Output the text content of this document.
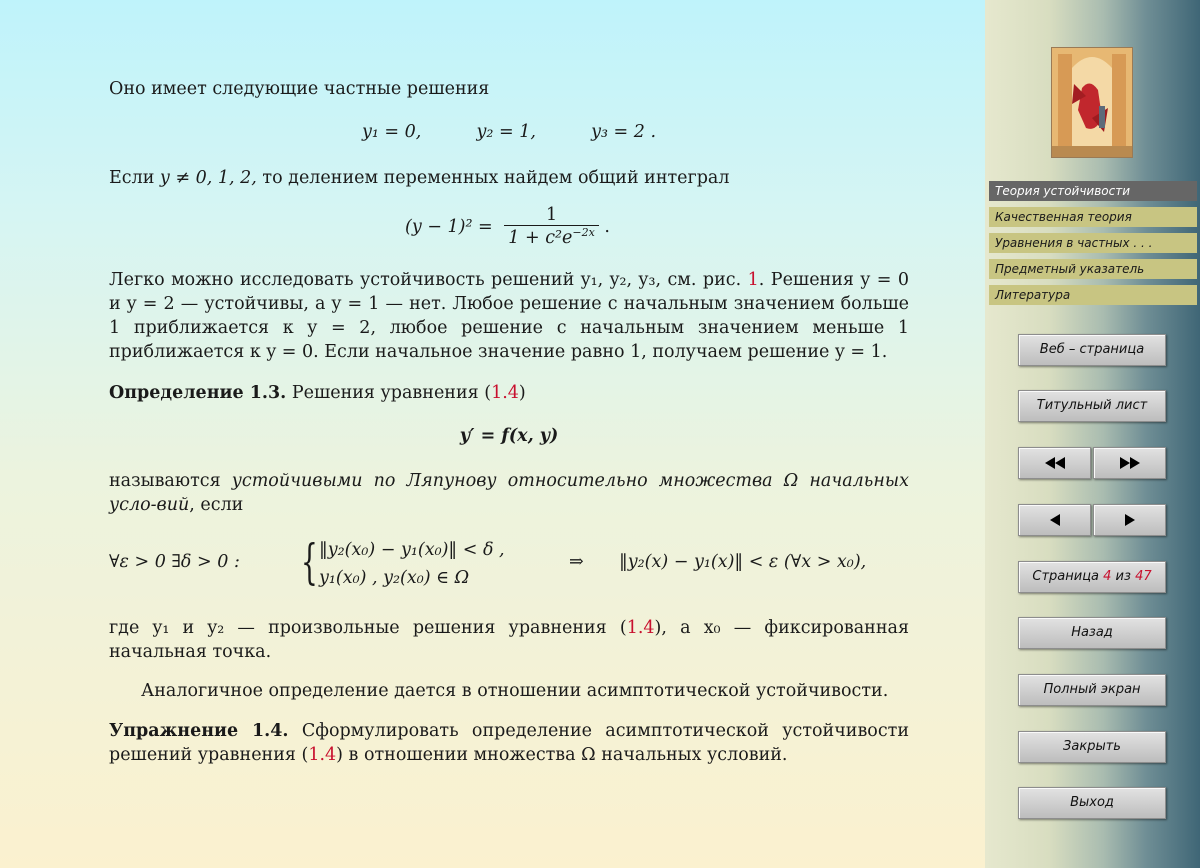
Оно имеет следующие частные решения
y₁ = 0,	y₂ = 1,	y₃ = 2 .
Если y ≠ 0, 1, 2, то делением переменных найдем общий интеграл
$(y - 1)^2 = \frac{1}{1 + c^2e^{-2x}}$ .
Легко можно исследовать устойчивость решений y₁, y₂, y₃, см. рис. 1. Решения y = 0 и y = 2 — устойчивы, а y = 1 — нет. Любое решение с начальным значением больше 1 приближается к y = 2, любое решение с начальным значением меньше 1 приближается к y = 0. Если начальное значение равно 1, получаем решение y = 1.
Определение 1.3. Решения уравнения (1.4)
y′ = f(x, y)
называются устойчивыми по Ляпунову относительно множества Ω начальных усло-вий, если
∀ε > 0 ∃δ > 0 : { ‖y₂(x₀) − y₁(x₀)‖ < δ ,
y₁(x₀) , y₂(x₀) ∈ Ω
⇒ ‖y₂(x) − y₁(x)‖ < ε (∀x > x₀),
где y₁ и y₂ — произвольные решения уравнения (1.4), а x₀ — фиксированная начальная точка.
Аналогичное определение дается в отношении асимптотической устойчивости.
Упражнение 1.4. Сформулировать определение асимптотической устойчивости решений уравнения (1.4) в отношении множества Ω начальных условий.
Теория устойчивости
Качественная теория
Уравнения в частных . . .
Предметный указатель
Литература
Веб – страница
Титульный лист
Страница 4 из 47
Назад
Полный экран
Закрыть
Выход
